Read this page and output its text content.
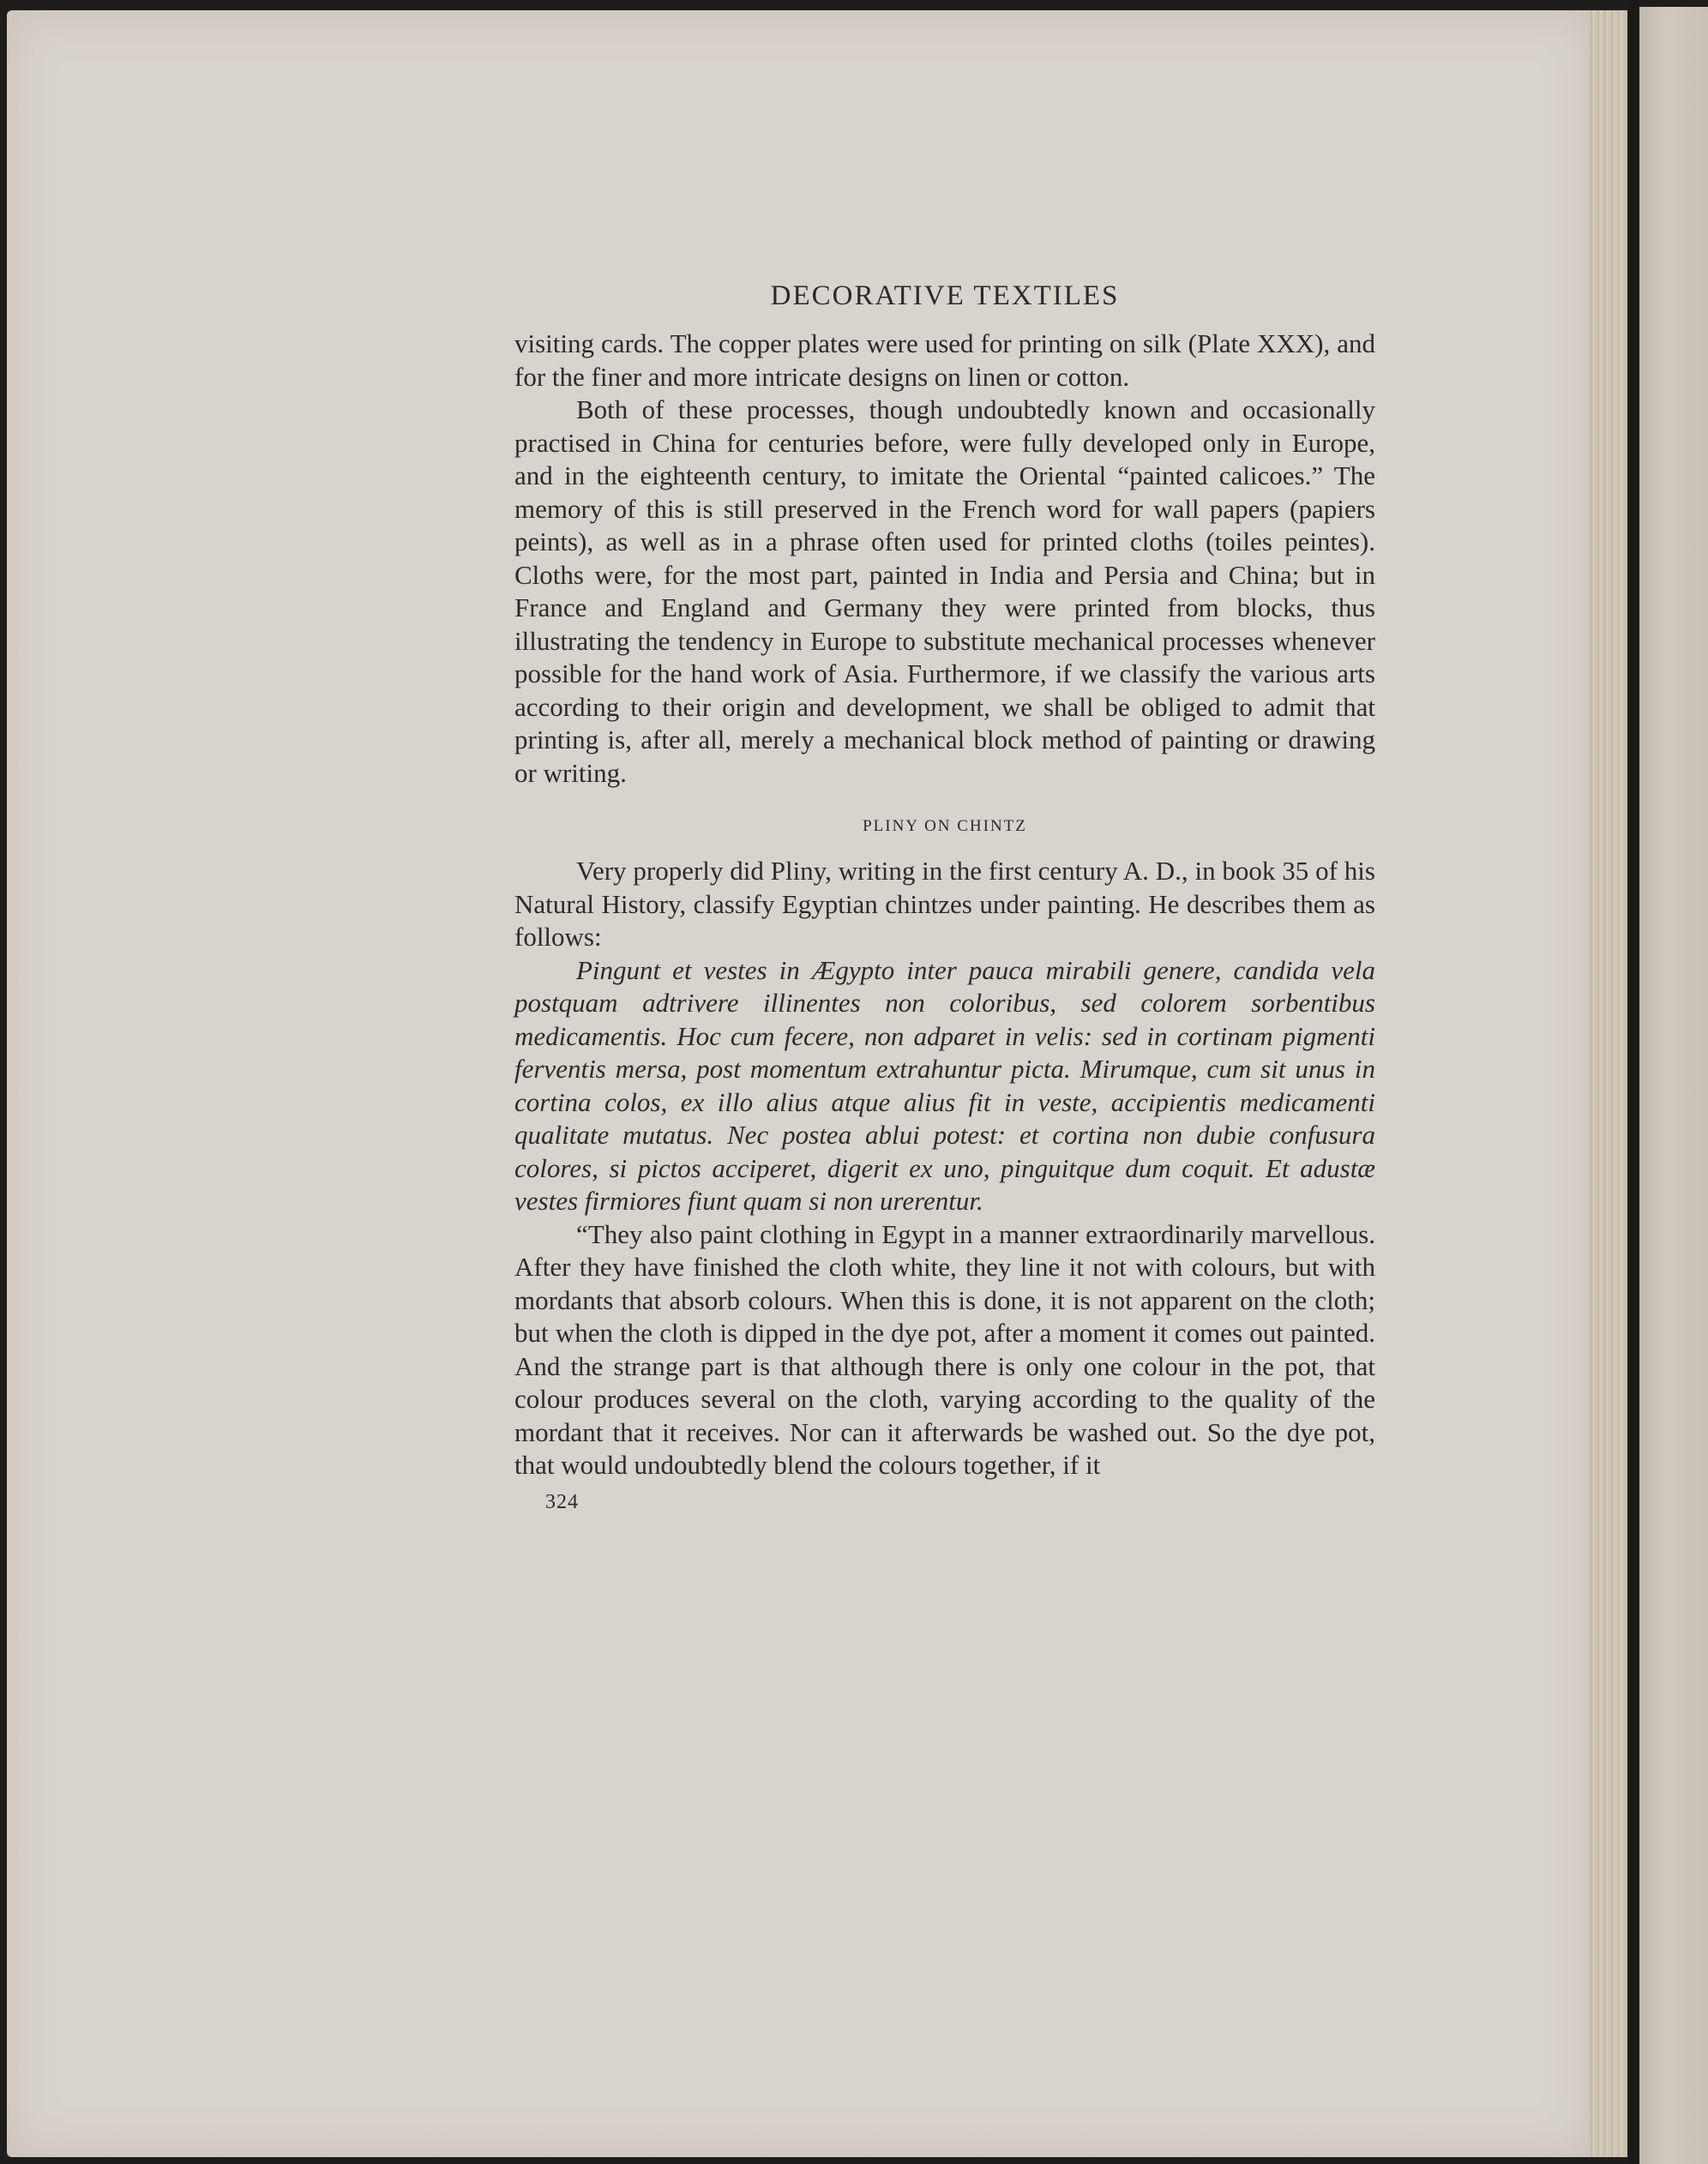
DECORATIVE TEXTILES

visiting cards. The copper plates were used for printing on silk (Plate XXX), and for the finer and more intricate designs on linen or cotton.

Both of these processes, though undoubtedly known and occasionally practised in China for centuries before, were fully developed only in Europe, and in the eighteenth century, to imitate the Oriental “painted calicoes.” The memory of this is still preserved in the French word for wall papers (papiers peints), as well as in a phrase often used for printed cloths (toiles peintes). Cloths were, for the most part, painted in India and Persia and China; but in France and England and Germany they were printed from blocks, thus illustrating the tendency in Europe to substitute mechanical processes whenever possible for the hand work of Asia. Furthermore, if we classify the various arts according to their origin and development, we shall be obliged to admit that printing is, after all, merely a mechanical block method of painting or drawing or writing.

PLINY ON CHINTZ

Very properly did Pliny, writing in the first century A. D., in book 35 of his Natural History, classify Egyptian chintzes under painting. He describes them as follows:

Pingunt et vestes in Ægypto inter pauca mirabili genere, candida vela postquam adtrivere illinentes non coloribus, sed colorem sorbentibus medicamentis. Hoc cum fecere, non adparet in velis: sed in cortinam pigmenti ferventis mersa, post momentum extrahuntur picta. Mirumque, cum sit unus in cortina colos, ex illo alius atque alius fit in veste, accipientis medicamenti qualitate mutatus. Nec postea ablui potest: et cortina non dubie confusura colores, si pictos acciperet, digerit ex uno, pinguitque dum coquit. Et adustæ vestes firmiores fiunt quam si non urerentur.

“They also paint clothing in Egypt in a manner extraordinarily marvellous. After they have finished the cloth white, they line it not with colours, but with mordants that absorb colours. When this is done, it is not apparent on the cloth; but when the cloth is dipped in the dye pot, after a moment it comes out painted. And the strange part is that although there is only one colour in the pot, that colour produces several on the cloth, varying according to the quality of the mordant that it receives. Nor can it afterwards be washed out. So the dye pot, that would undoubtedly blend the colours together, if it

324
